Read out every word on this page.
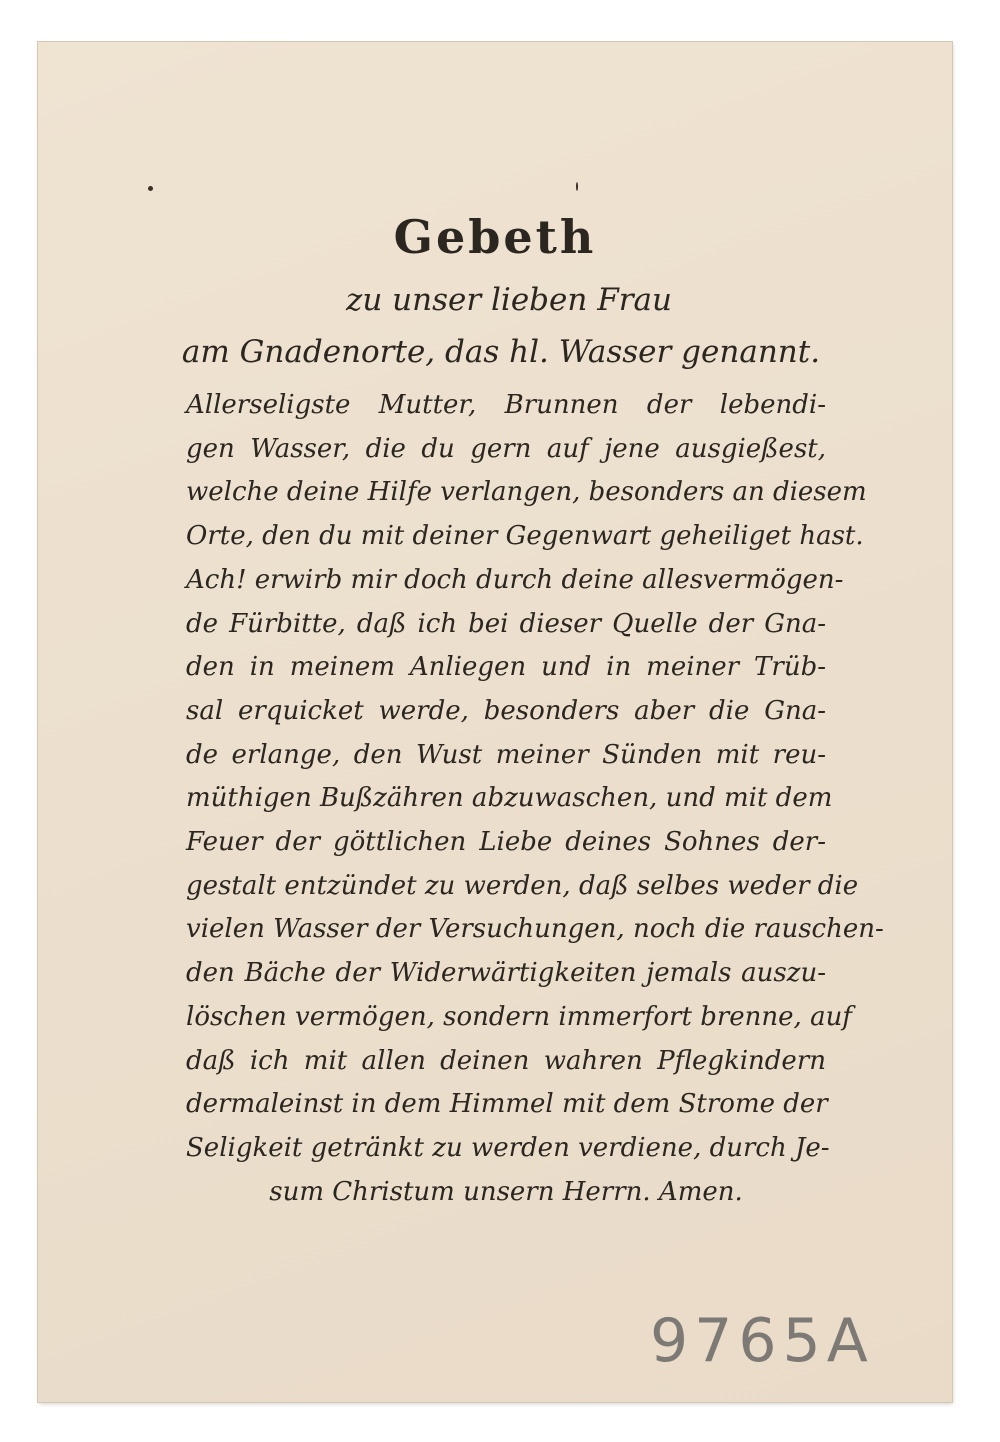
Gebeth
zu unser lieben Frau
am Gnadenorte, das hl. Wasser genannt.
Allerseligste Mutter, Brunnen der lebendi-
gen Wasser, die du gern auf jene ausgießest,
welche deine Hilfe verlangen, besonders an diesem
Orte, den du mit deiner Gegenwart geheiliget hast.
Ach! erwirb mir doch durch deine allesvermögen-
de Fürbitte, daß ich bei dieser Quelle der Gna-
den in meinem Anliegen und in meiner Trüb-
sal erquicket werde, besonders aber die Gna-
de erlange, den Wust meiner Sünden mit reu-
müthigen Bußzähren abzuwaschen, und mit dem
Feuer der göttlichen Liebe deines Sohnes der-
gestalt entzündet zu werden, daß selbes weder die
vielen Wasser der Versuchungen, noch die rauschen-
den Bäche der Widerwärtigkeiten jemals auszu-
löschen vermögen, sondern immerfort brenne, auf
daß ich mit allen deinen wahren Pflegkindern
dermaleinst in dem Himmel mit dem Strome der
Seligkeit getränkt zu werden verdiene, durch Je-
sum Christum unsern Herrn. Amen.
9765A
